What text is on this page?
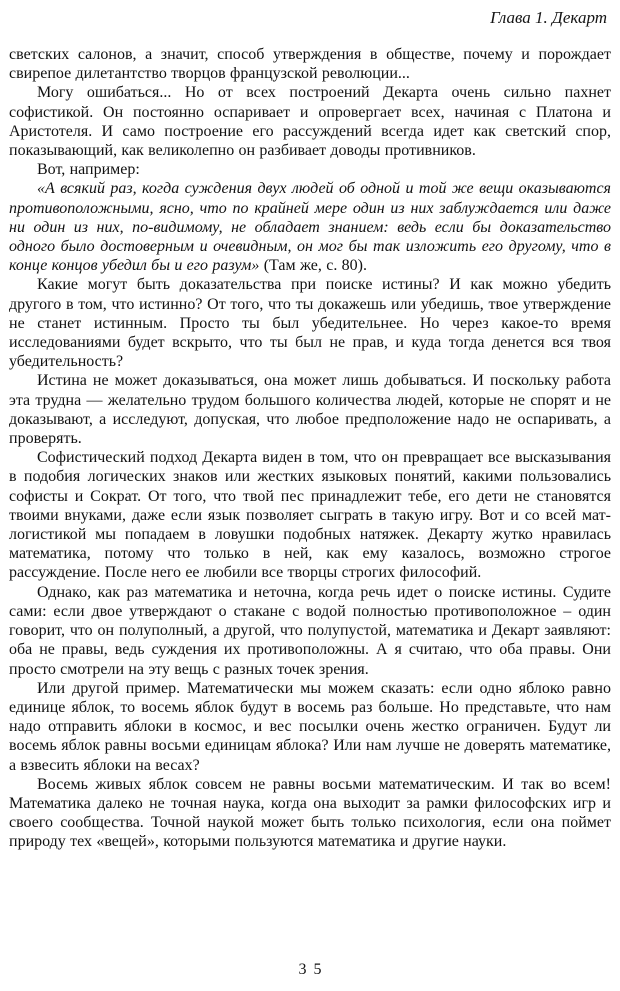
Глава 1. Декарт

светских салонов, а значит, способ утверждения в обществе, почему и порождает свирепое дилетантство творцов французской революции...

Могу ошибаться... Но от всех построений Декарта очень сильно пахнет софистикой. Он постоянно оспаривает и опровергает всех, начиная с Платона и Аристотеля. И само построение его рассуждений всегда идет как светский спор, показывающий, как великолепно он разбивает доводы противников.

Вот, например:

«А всякий раз, когда суждения двух людей об одной и той же вещи оказываются противоположными, ясно, что по крайней мере один из них заблуждается или даже ни один из них, по-видимому, не обладает знанием: ведь если бы доказательство одного было достоверным и очевидным, он мог бы так изложить его другому, что в конце концов убедил бы и его разум» (Там же, с. 80).

Какие могут быть доказательства при поиске истины? И как можно убедить другого в том, что истинно? От того, что ты докажешь или убедишь, твое утверждение не станет истинным. Просто ты был убедительнее. Но через какое-то время исследованиями будет вскрыто, что ты был не прав, и куда тогда денется вся твоя убедительность?

Истина не может доказываться, она может лишь добываться. И поскольку работа эта трудна — желательно трудом большого количества людей, которые не спорят и не доказывают, а исследуют, допуская, что любое предположение надо не оспаривать, а проверять.

Софистический подход Декарта виден в том, что он превращает все высказывания в подобия логических знаков или жестких языковых понятий, какими пользовались софисты и Сократ. От того, что твой пес принадлежит тебе, его дети не становятся твоими внуками, даже если язык позволяет сыграть в такую игру. Вот и со всей мат-логистикой мы попадаем в ловушки подобных натяжек. Декарту жутко нравилась математика, потому что только в ней, как ему казалось, возможно строгое рассуждение. После него ее любили все творцы строгих философий.

Однако, как раз математика и неточна, когда речь идет о поиске истины. Судите сами: если двое утверждают о стакане с водой полностью противоположное – один говорит, что он полуполный, а другой, что полупустой, математика и Декарт заявляют: оба не правы, ведь суждения их противоположны. А я считаю, что оба правы. Они просто смотрели на эту вещь с разных точек зрения.

Или другой пример. Математически мы можем сказать: если одно яблоко равно единице яблок, то восемь яблок будут в восемь раз больше. Но представьте, что нам надо отправить яблоки в космос, и вес посылки очень жестко ограничен. Будут ли восемь яблок равны восьми единицам яблока? Или нам лучше не доверять математике, а взвесить яблоки на весах?

Восемь живых яблок совсем не равны восьми математическим. И так во всем! Математика далеко не точная наука, когда она выходит за рамки философских игр и своего сообщества. Точной наукой может быть только психология, если она поймет природу тех «вещей», которыми пользуются математика и другие науки.

35
